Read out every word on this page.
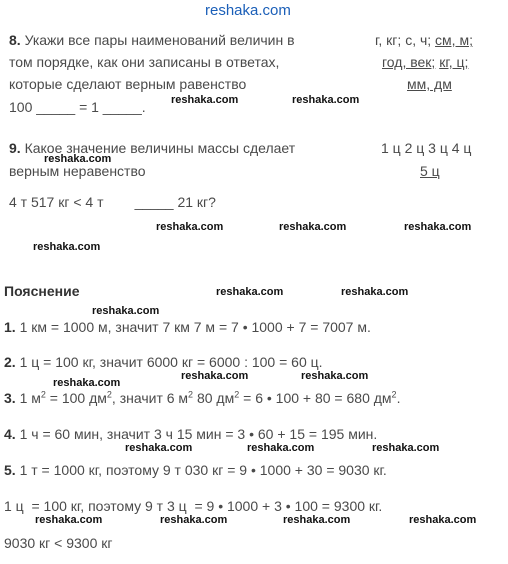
reshaka.com
8. Укажи все пары наименований величин в
том порядке, как они записаны в ответах,
которые сделают верным равенство
100 _____ = 1 _____.
г, кг; с, ч; см, м;
год, век; кг, ц;
мм, дм
9. Какое значение величины массы сделает
верным неравенство
4 т 517 кг < 4 т        _____ 21 кг?
1 ц 2 ц 3 ц 4 ц
5 ц
Пояснение
1. 1 км = 1000 м, значит 7 км 7 м = 7 • 1000 + 7 = 7007 м.
2. 1 ц = 100 кг, значит 6000 кг = 6000 : 100 = 60 ц.
3. 1 $м^2 = 100$ $дм^2$, значит 6 $м^2$ 80 $дм^2 = 6$ • 100 + 80 = 680 $дм^2$.
4. 1 ч = 60 мин, значит 3 ч 15 мин = 3 • 60 + 15 = 195 мин.
5. 1 т = 1000 кг, поэтому 9 т 030 кг = 9 • 1000 + 30 = 9030 кг.
1 ц  = 100 кг, поэтому 9 т 3 ц  = 9 • 1000 + 3 • 100 = 9300 кг.
9030 кг < 9300 кг
reshaka.com	reshaka.com
reshaka.com
reshaka.com	reshaka.com	reshaka.com
reshaka.com
reshaka.com	reshaka.com
reshaka.com
reshaka.com	reshaka.com
reshaka.com
reshaka.com	reshaka.com	reshaka.com
reshaka.com	reshaka.com	reshaka.com	reshaka.com
